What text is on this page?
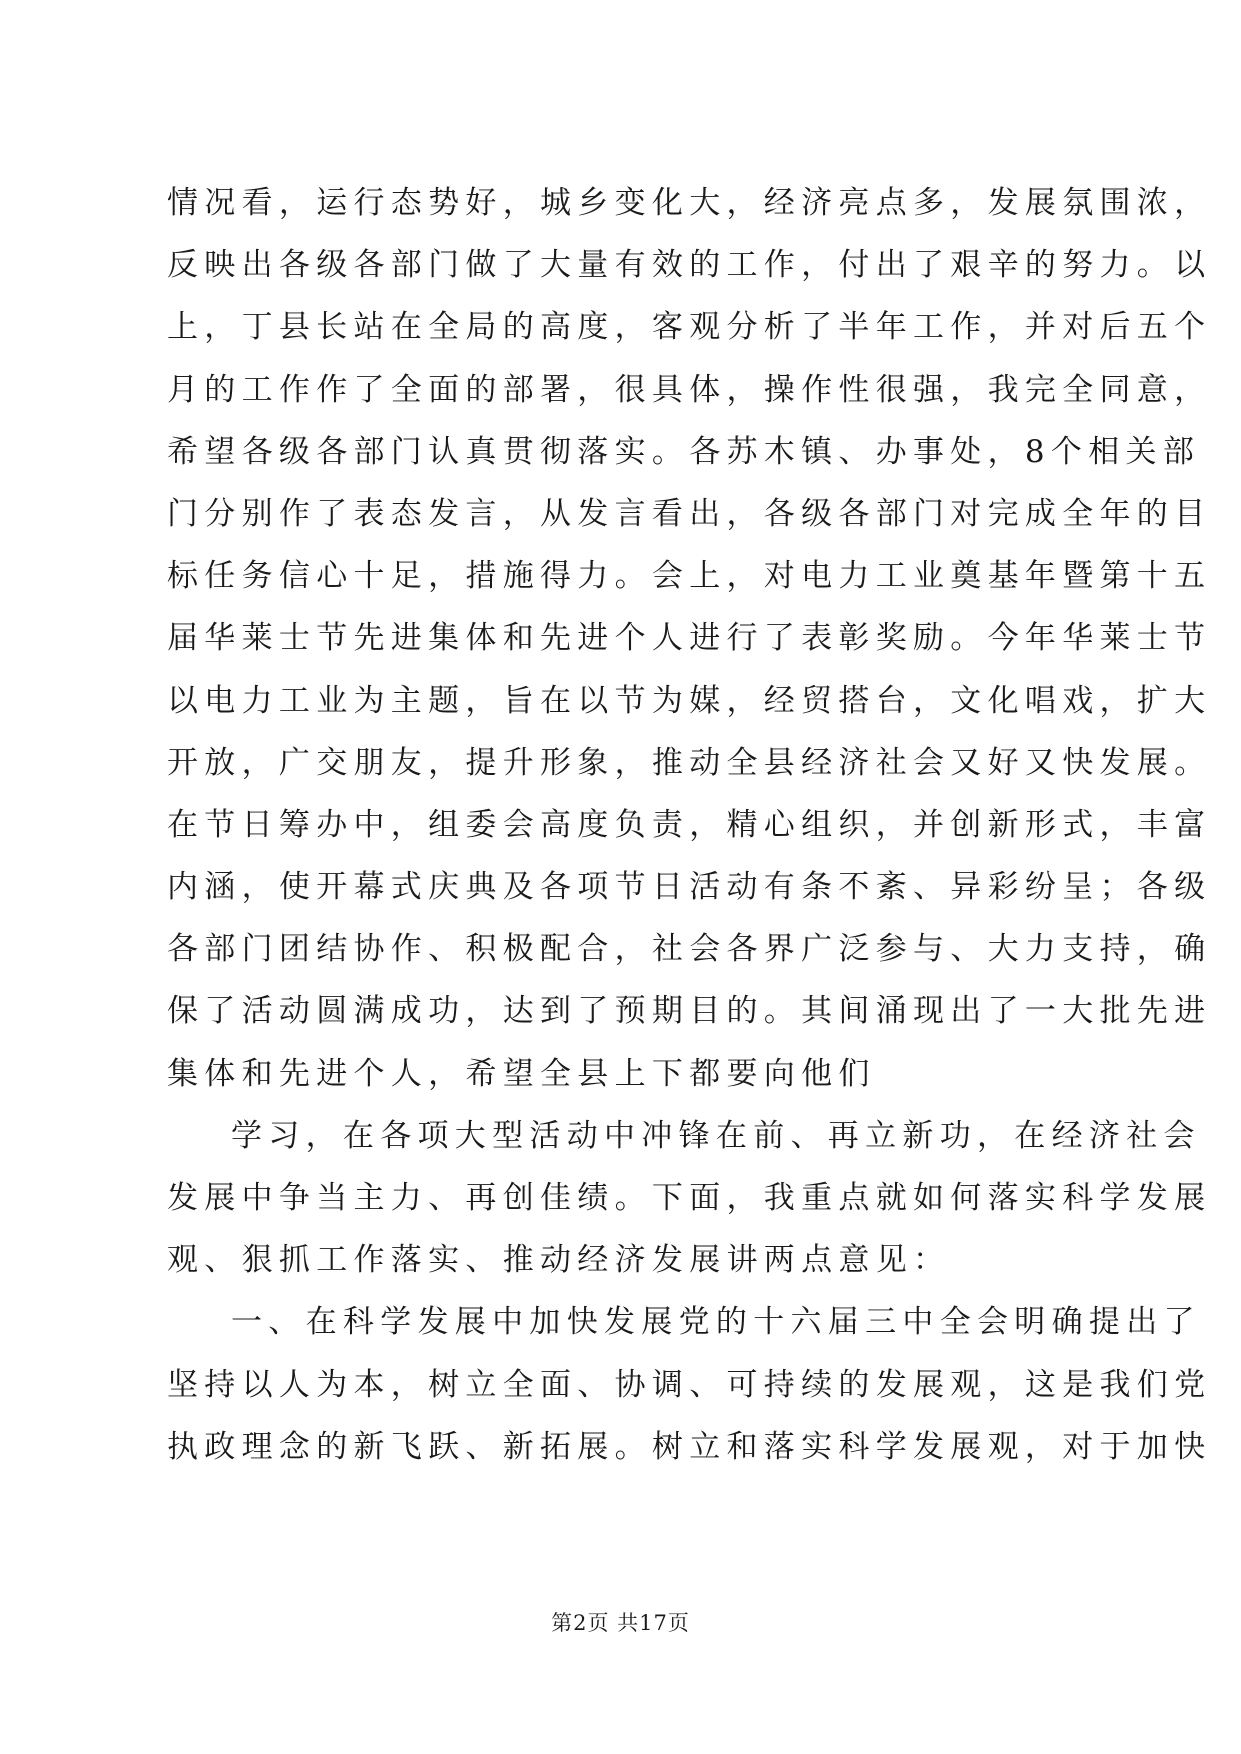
情况看，运行态势好，城乡变化大，经济亮点多，发展氛围浓，
反映出各级各部门做了大量有效的工作，付出了艰辛的努力。以
上，丁县长站在全局的高度，客观分析了半年工作，并对后五个
月的工作作了全面的部署，很具体，操作性很强，我完全同意，
希望各级各部门认真贯彻落实。各苏木镇、办事处，8个相关部
门分别作了表态发言，从发言看出，各级各部门对完成全年的目
标任务信心十足，措施得力。会上，对电力工业奠基年暨第十五
届华莱士节先进集体和先进个人进行了表彰奖励。今年华莱士节
以电力工业为主题，旨在以节为媒，经贸搭台，文化唱戏，扩大
开放，广交朋友，提升形象，推动全县经济社会又好又快发展。
在节日筹办中，组委会高度负责，精心组织，并创新形式，丰富
内涵，使开幕式庆典及各项节日活动有条不紊、异彩纷呈；各级
各部门团结协作、积极配合，社会各界广泛参与、大力支持，确
保了活动圆满成功，达到了预期目的。其间涌现出了一大批先进
集体和先进个人，希望全县上下都要向他们
学习，在各项大型活动中冲锋在前、再立新功，在经济社会
发展中争当主力、再创佳绩。下面，我重点就如何落实科学发展
观、狠抓工作落实、推动经济发展讲两点意见：
一、在科学发展中加快发展党的十六届三中全会明确提出了
坚持以人为本，树立全面、协调、可持续的发展观，这是我们党
执政理念的新飞跃、新拓展。树立和落实科学发展观，对于加快
第2页 共17页
